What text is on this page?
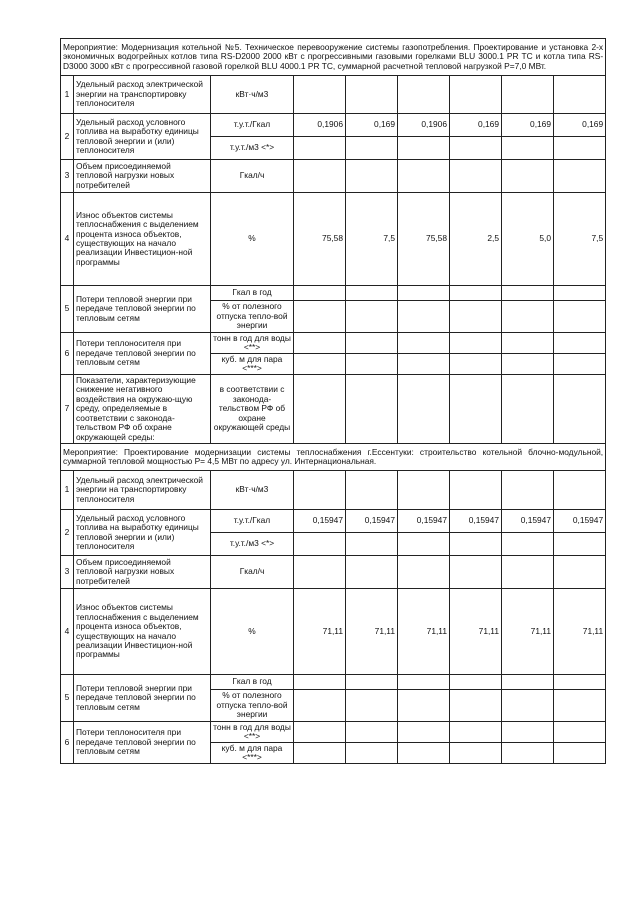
Мероприятие: Модернизация котельной №5. Техническое перевооружение системы газопотребления. Проектирование и установка 2-х экономичных водогрейных котлов типа RS-D2000 2000 кВт с прогрессивными газовыми горелками BLU 3000.1 PR TC и котла типа RS-D3000 3000 кВт с прогрессивной газовой горелкой BLU 4000.1 PR TC, суммарной расчетной тепловой нагрузкой Р=7,0 МВт.								
1	Удельный расход электрической энергии на транспортировку теплоносителя	кВт·ч/м3						
2	Удельный расход условного топлива на выработку единицы тепловой энергии и (или) теплоносителя	т.у.т./Гкал	0,1906	0,169	0,1906	0,169	0,169	0,169
		т.у.т./м3 <*>						
3	Объем присоединяемой тепловой нагрузки новых потребителей	Гкал/ч						
4	Износ объектов системы теплоснабжения с выделением процента износа объектов, существующих на начало реализации Инвестицион-ной программы	%	75,58	7,5	75,58	2,5	5,0	7,5
5	Потери тепловой энергии при передаче тепловой энергии по тепловым сетям	Гкал в год						
		% от полезного отпуска тепло-вой энергии						
6	Потери теплоносителя при передаче тепловой энергии по тепловым сетям	тонн в год для воды <**>						
		куб. м для пара <***>						
7	Показатели, характеризующие снижение негативного воздействия на окружаю-щую среду, определяемые в соответствии с законода-тельством РФ об охране окружающей среды:	в соответствии с законода-тельством РФ об охране окружающей среды						
Мероприятие: Проектирование модернизации системы теплоснабжения г.Ессентуки: строительство котельной блочно-модульной, суммарной тепловой мощностью Р= 4,5 МВт по адресу ул. Интернациональная.								
1	Удельный расход электрической энергии на транспортировку теплоносителя	кВт·ч/м3						
2	Удельный расход условного топлива на выработку единицы тепловой энергии и (или) теплоносителя	т.у.т./Гкал	0,15947	0,15947	0,15947	0,15947	0,15947	0,15947
		т.у.т./м3 <*>						
3	Объем присоединяемой тепловой нагрузки новых потребителей	Гкал/ч						
4	Износ объектов системы теплоснабжения с выделением процента износа объектов, существующих на начало реализации Инвестицион-ной программы	%	71,11	71,11	71,11	71,11	71,11	71,11
5	Потери тепловой энергии при передаче тепловой энергии по тепловым сетям	Гкал в год						
		% от полезного отпуска тепло-вой энергии						
6	Потери теплоносителя при передаче тепловой энергии по тепловым сетям	тонн в год для воды <**>						
		куб. м для пара <***>						
